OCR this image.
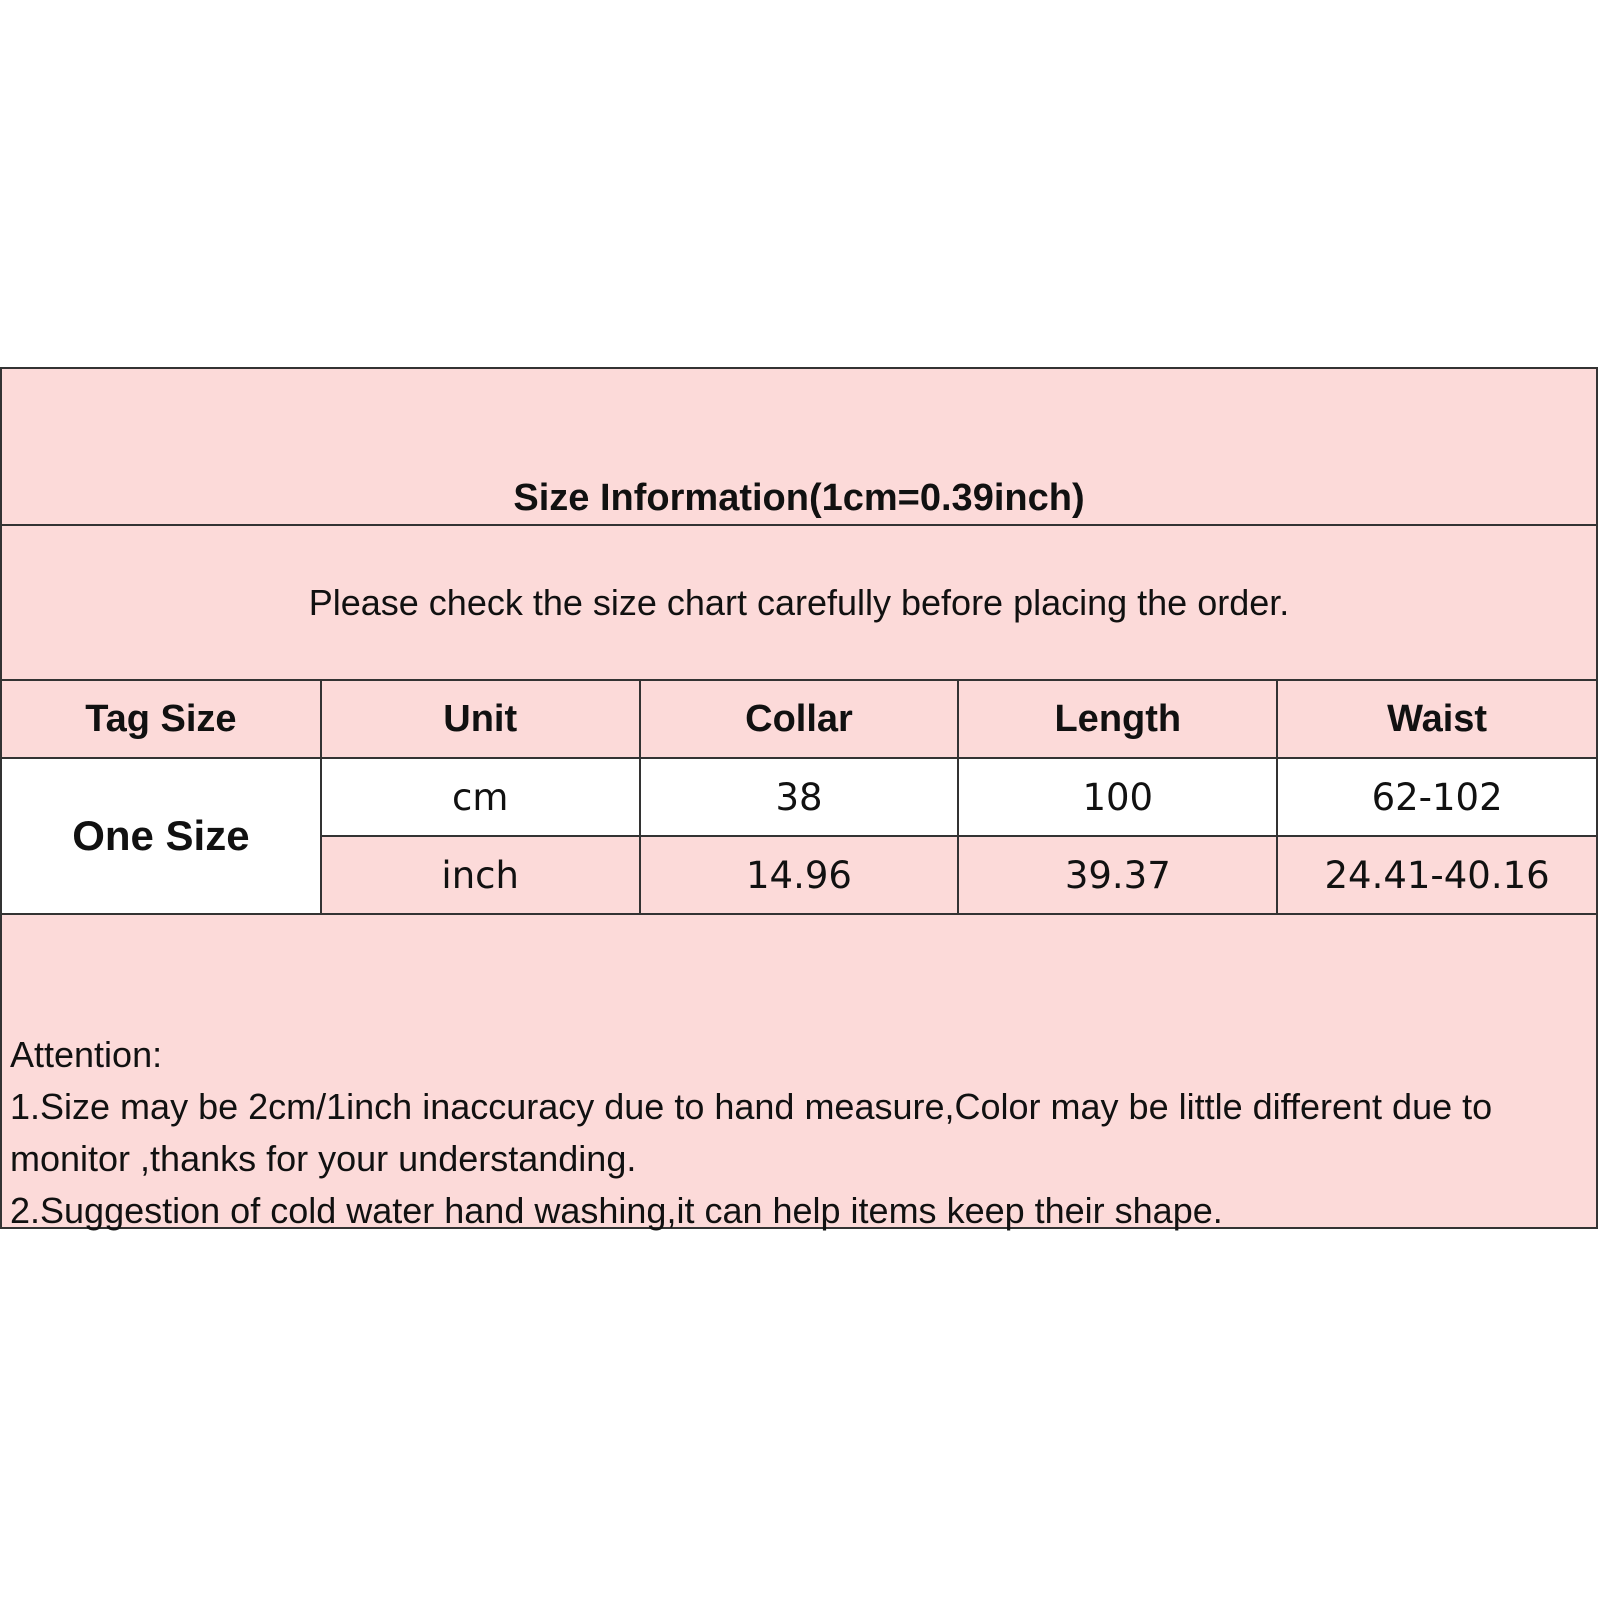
Size Information(1cm=0.39inch)
Please check the size chart carefully before placing the order.
Tag Size	Unit	Collar	Length	Waist
One Size	cm	38	100	62-102
	inch	14.96	39.37	24.41-40.16
Attention:
1.Size may be 2cm/1inch inaccuracy due to hand measure,Color may be little different due to monitor ,thanks for your understanding.
2.Suggestion of cold water hand washing,it can help items keep their shape.
